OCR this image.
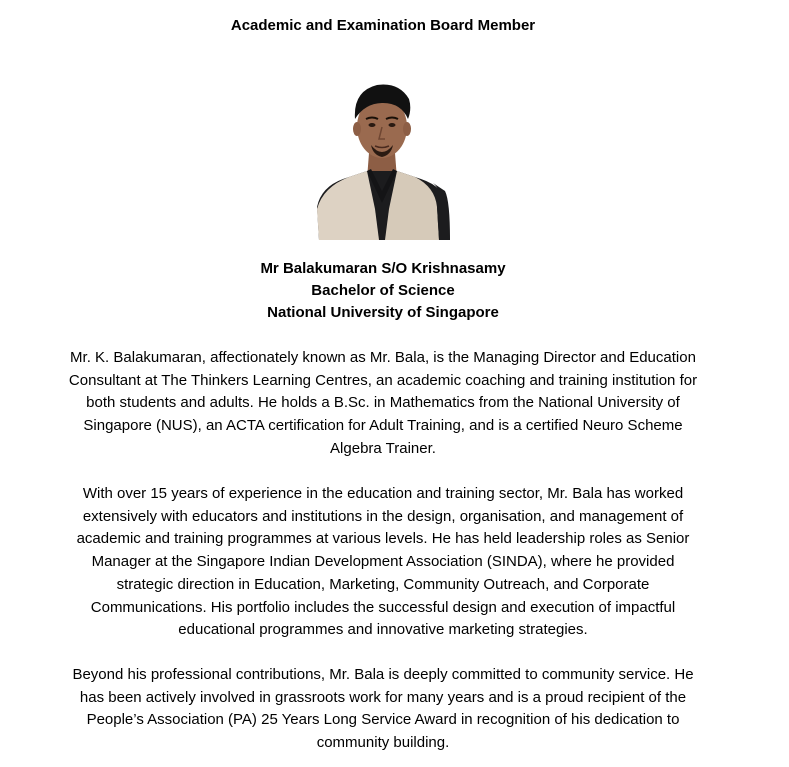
Academic and Examination Board Member
Mr Balakumaran S/O Krishnasamy
Bachelor of Science
National University of Singapore
Mr. K. Balakumaran, affectionately known as Mr. Bala, is the Managing Director and Education
Consultant at The Thinkers Learning Centres, an academic coaching and training institution for
both students and adults. He holds a B.Sc. in Mathematics from the National University of
Singapore (NUS), an ACTA certification for Adult Training, and is a certified Neuro Scheme
Algebra Trainer.
With over 15 years of experience in the education and training sector, Mr. Bala has worked
extensively with educators and institutions in the design, organisation, and management of
academic and training programmes at various levels. He has held leadership roles as Senior
Manager at the Singapore Indian Development Association (SINDA), where he provided
strategic direction in Education, Marketing, Community Outreach, and Corporate
Communications. His portfolio includes the successful design and execution of impactful
educational programmes and innovative marketing strategies.
Beyond his professional contributions, Mr. Bala is deeply committed to community service. He
has been actively involved in grassroots work for many years and is a proud recipient of the
People’s Association (PA) 25 Years Long Service Award in recognition of his dedication to
community building.
